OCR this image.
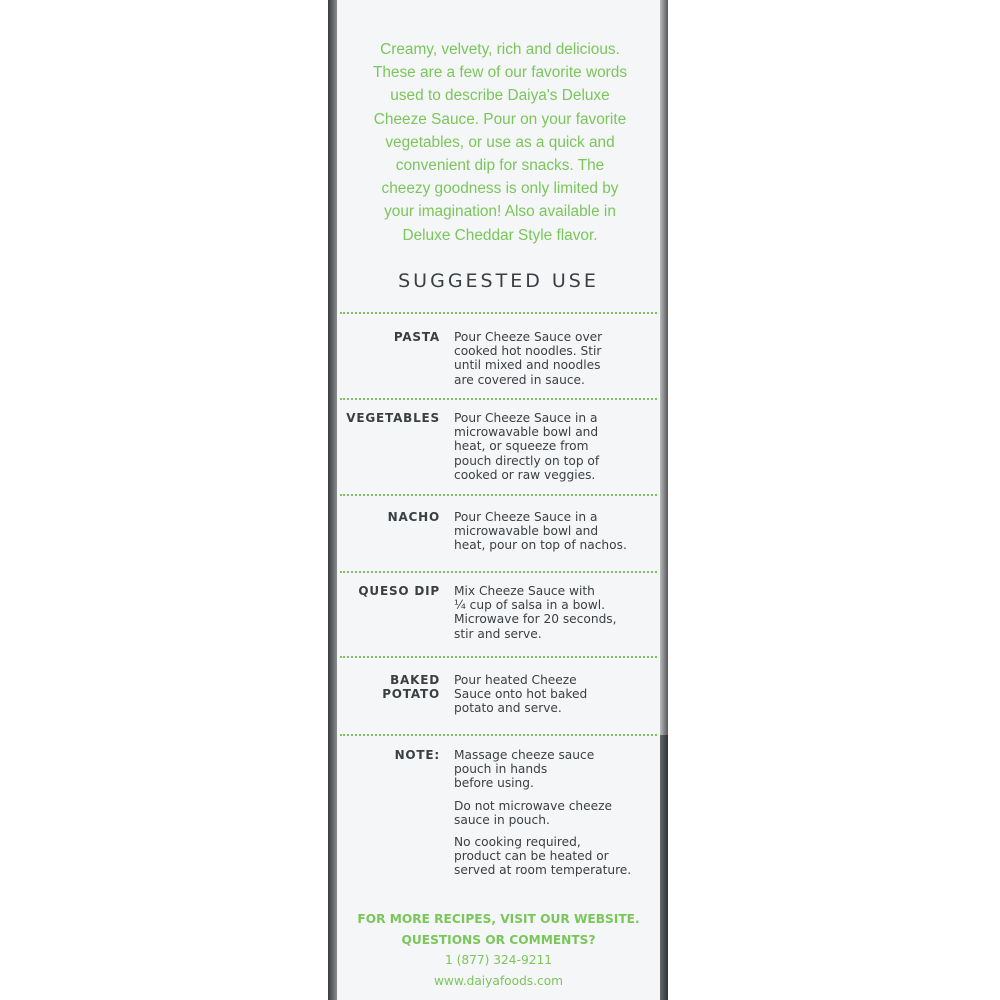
Creamy, velvety, rich and delicious.
These are a few of our favorite words
used to describe Daiya's Deluxe
Cheeze Sauce. Pour on your favorite
vegetables, or use as a quick and
convenient dip for snacks. The
cheezy goodness is only limited by
your imagination! Also available in
Deluxe Cheddar Style flavor.

SUGGESTED USE
PASTA Pour Cheeze Sauce over
cooked hot noodles. Stir
until mixed and noodles
are covered in sauce.
VEGETABLES Pour Cheeze Sauce in a
microwavable bowl and
heat, or squeeze from
pouch directly on top of
cooked or raw veggies.
NACHO Pour Cheeze Sauce in a
microwavable bowl and
heat, pour on top of nachos.
QUESO DIP Mix Cheeze Sauce with
¼ cup of salsa in a bowl.
Microwave for 20 seconds,
stir and serve.
BAKED
POTATO
Pour heated Cheeze
Sauce onto hot baked
potato and serve.
NOTE: Massage cheeze sauce
pouch in hands
before using.

Do not microwave cheeze
sauce in pouch.

No cooking required,
product can be heated or
served at room temperature.

FOR MORE RECIPES, VISIT OUR WEBSITE.
QUESTIONS OR COMMENTS?
1 (877) 324-9211
www.daiyafoods.com
